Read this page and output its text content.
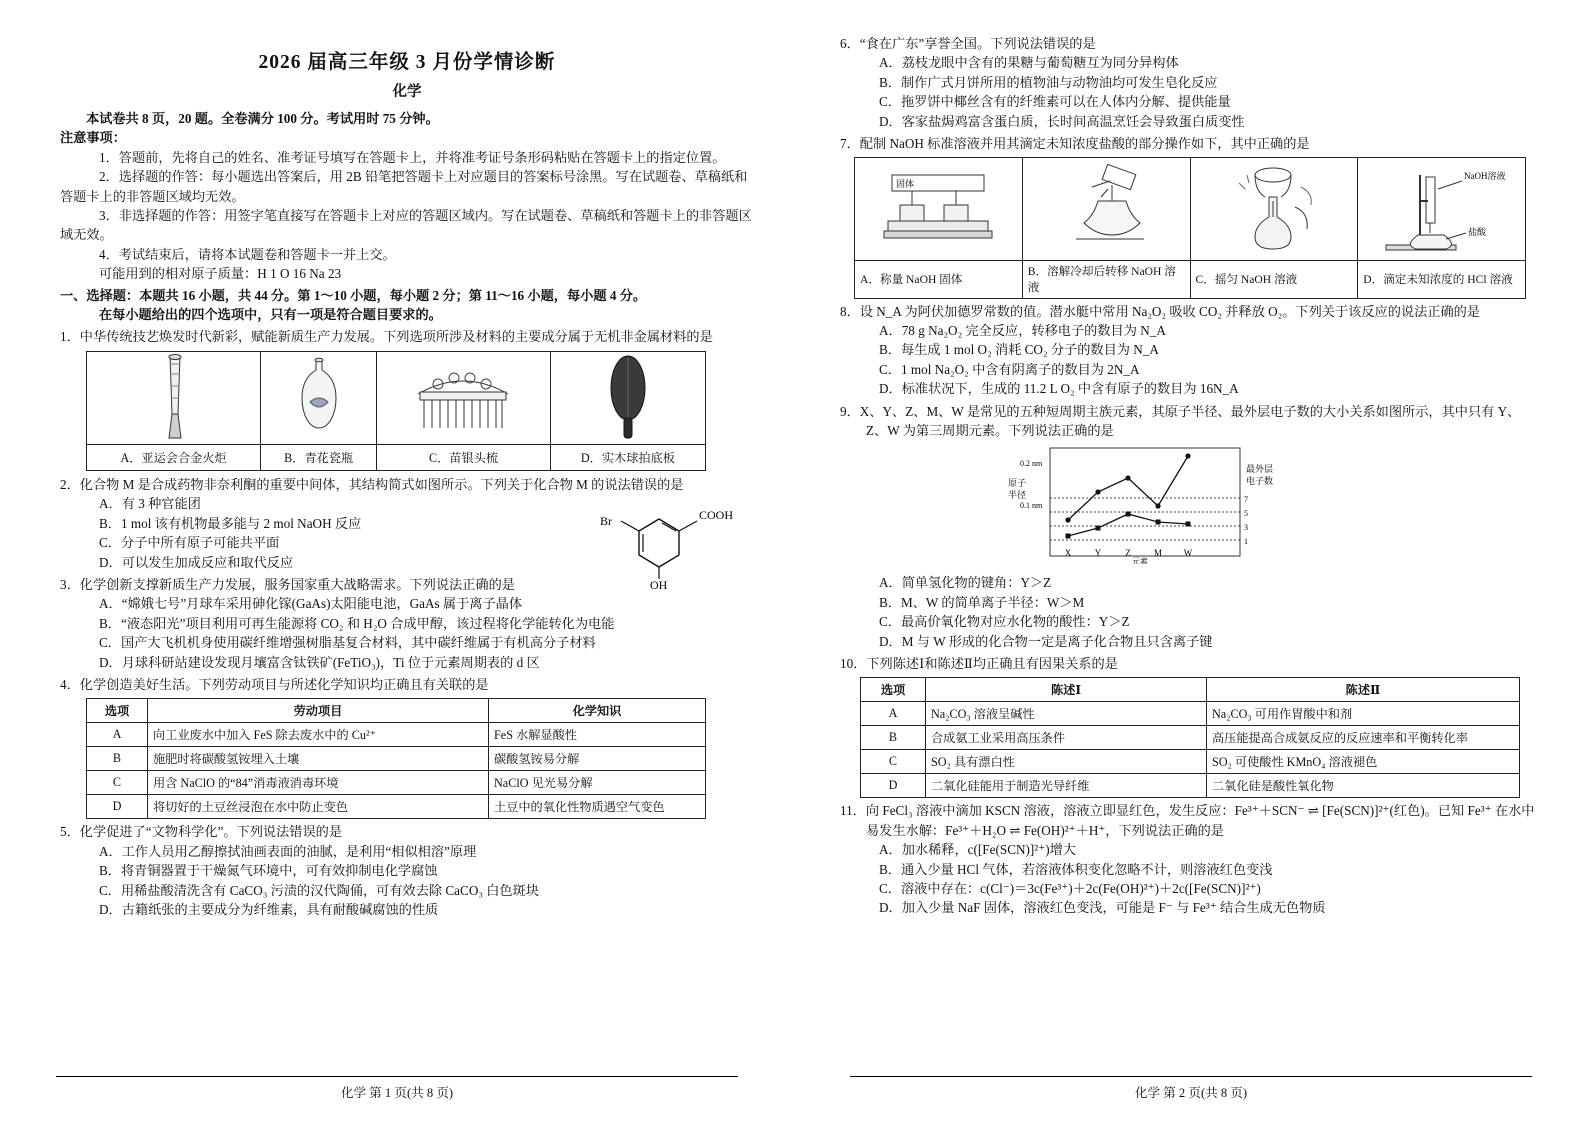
2026 届高三年级 3 月份学情诊断
化学

本试卷共 8 页，20 题。全卷满分 100 分。考试用时 75 分钟。

注意事项：

1．答题前，先将自己的姓名、准考证号填写在答题卡上，并将准考证号条形码粘贴在答题卡上的指定位置。

2．选择题的作答：每小题选出答案后，用 2B 铅笔把答题卡上对应题目的答案标号涂黑。写在试题卷、草稿纸和答题卡上的非答题区域均无效。

3．非选择题的作答：用签字笔直接写在答题卡上对应的答题区域内。写在试题卷、草稿纸和答题卡上的非答题区域无效。

4．考试结束后，请将本试题卷和答题卡一并上交。

可能用到的相对原子质量：H 1 O 16 Na 23

一、选择题：本题共 16 小题，共 44 分。第 1～10 小题，每小题 2 分；第 11～16 小题，每小题 4 分。

在每小题给出的四个选项中，只有一项是符合题目要求的。

1．中华传统技艺焕发时代新彩，赋能新质生产力发展。下列选项所涉及材料的主要成分属于无机非金属材料的是

A．亚运会合金火炬	B．青花瓷瓶	C．苗银头梳	D．实木球拍底板

2．化合物 M 是合成药物非奈利酮的重要中间体，其结构简式如图所示。下列关于化合物 M 的说法错误的是

A．有 3 种官能团

B．1 mol 该有机物最多能与 2 mol NaOH 反应	Br	COOH
OH

C．分子中所有原子可能共平面

D．可以发生加成反应和取代反应

3．化学创新支撑新质生产力发展，服务国家重大战略需求。下列说法正确的是

A．“嫦娥七号”月球车采用砷化镓(GaAs)太阳能电池，GaAs 属于离子晶体

B．“液态阳光”项目利用可再生能源将 CO₂ 和 H₂O 合成甲醇，该过程将化学能转化为电能

C．国产大飞机机身使用碳纤维增强树脂基复合材料，其中碳纤维属于有机高分子材料

D．月球科研站建设发现月壤富含钛铁矿(FeTiO₃)，Ti 位于元素周期表的 d 区

4．化学创造美好生活。下列劳动项目与所述化学知识均正确且有关联的是

选项	劳动项目	化学知识
A	向工业废水中加入 FeS 除去废水中的 Cu²⁺	FeS 水解显酸性
B	施肥时将碳酸氢铵埋入土壤	碳酸氢铵易分解
C	用含 NaClO 的“84”消毒液消毒环境	NaClO 见光易分解
D	将切好的土豆丝浸泡在水中防止变色	土豆中的氧化性物质遇空气变色

5．化学促进了“文物科学化”。下列说法错误的是

A．工作人员用乙醇擦拭油画表面的油腻，是利用“相似相溶”原理

B．将青铜器置于干燥氮气环境中，可有效抑制电化学腐蚀

C．用稀盐酸清洗含有 CaCO₃ 污渍的汉代陶俑，可有效去除 CaCO₃ 白色斑块

D．古籍纸张的主要成分为纤维素，具有耐酸碱腐蚀的性质

化学 第 1 页(共 8 页)

6．“食在广东”享誉全国。下列说法错误的是

A．荔枝龙眼中含有的果糖与葡萄糖互为同分异构体

B．制作广式月饼所用的植物油与动物油均可发生皂化反应

C．拖罗饼中椰丝含有的纤维素可以在人体内分解、提供能量

D．客家盐焗鸡富含蛋白质，长时间高温烹饪会导致蛋白质变性

7．配制 NaOH 标准溶液并用其滴定未知浓度盐酸的部分操作如下，其中正确的是

固体			NaOH溶液
盐酸

A．称量 NaOH 固体	B．溶解冷却后转移 NaOH 溶液	C．摇匀 NaOH 溶液	D．滴定未知浓度的 HCl 溶液

8．设 N_A 为阿伏加德罗常数的值。潜水艇中常用 Na₂O₂ 吸收 CO₂ 并释放 O₂。下列关于该反应的说法正确的是

A．78 g Na₂O₂ 完全反应，转移电子的数目为 N_A

B．每生成 1 mol O₂ 消耗 CO₂ 分子的数目为 N_A

C．1 mol Na₂O₂ 中含有阴离子的数目为 2N_A

D．标准状况下，生成的 11.2 L O₂ 中含有原子的数目为 16N_A

9．X、Y、Z、M、W 是常见的五种短周期主族元素，其原子半径、最外层电子数的大小关系如图所示，其中只有 Y、Z、W 为第三周期元素。下列说法正确的是

原子
半径
0.2 nm
0.1 nm
最外层
电子数
7
5
3
1
X	Y	Z	M W
元素

A．简单氢化物的键角：Y＞Z

B．M、W 的简单离子半径：W＞M

C．最高价氧化物对应水化物的酸性：Y＞Z

D．M 与 W 形成的化合物一定是离子化合物且只含离子键

10．下列陈述Ⅰ和陈述Ⅱ均正确且有因果关系的是

选项	陈述Ⅰ	陈述Ⅱ
A	Na₂CO₃ 溶液呈碱性	Na₂CO₃ 可用作胃酸中和剂
B	合成氨工业采用高压条件	高压能提高合成氨反应的反应速率和平衡转化率
C	SO₂ 具有漂白性	SO₂ 可使酸性 KMnO₄ 溶液褪色
D	二氧化硅能用于制造光导纤维	二氧化硅是酸性氧化物

11．向 FeCl₃ 溶液中滴加 KSCN 溶液，溶液立即显红色，发生反应：Fe³⁺＋SCN⁻ ⇌ [Fe(SCN)]²⁺(红色)。已知 Fe³⁺ 在水中易发生水解：Fe³⁺＋H₂O ⇌ Fe(OH)²⁺＋H⁺，下列说法正确的是

A．加水稀释，c([Fe(SCN)]²⁺)增大

B．通入少量 HCl 气体，若溶液体积变化忽略不计，则溶液红色变浅

C．溶液中存在：c(Cl⁻)＝3c(Fe³⁺)＋2c(Fe(OH)²⁺)＋2c([Fe(SCN)]²⁺)

D．加入少量 NaF 固体，溶液红色变浅，可能是 F⁻ 与 Fe³⁺ 结合生成无色物质

化学 第 2 页(共 8 页)
